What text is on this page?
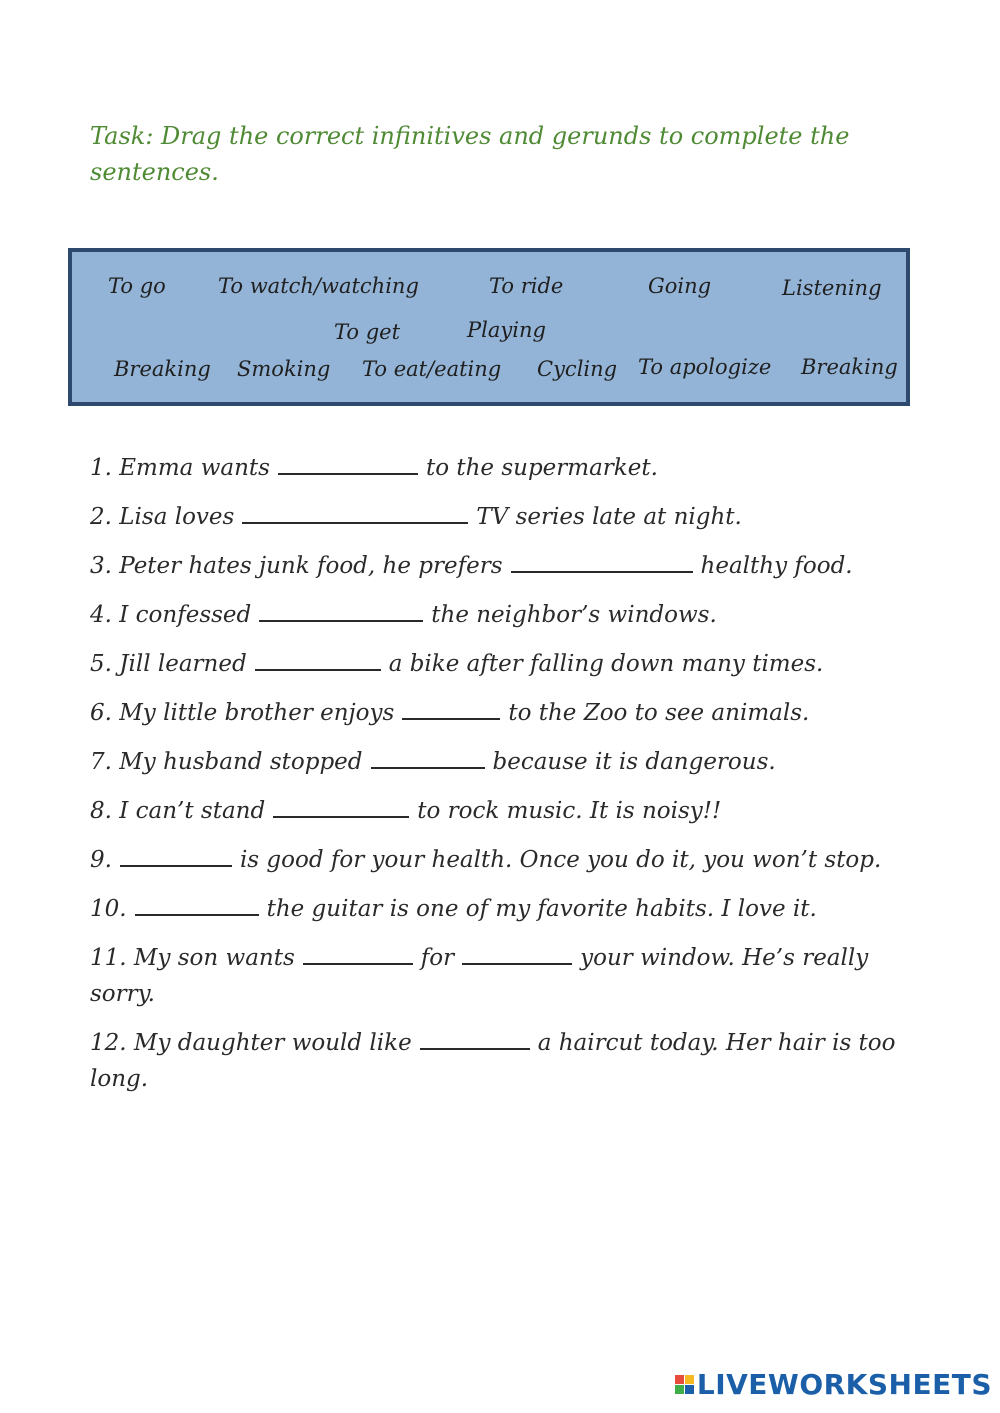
Task: Drag the correct infinitives and gerunds to complete the sentences.

To go To watch/watching	To ride	Going	Listening
To get	Playing
Breaking Smoking To eat/eating Cycling To apologize Breaking

1. Emma wants	to the supermarket.

2. Lisa loves	TV series late at night.

3. Peter hates junk food, he prefers	healthy food.

4. I confessed	the neighbor’s windows.

5. Jill learned	a bike after falling down many times.

6. My little brother enjoys	to the Zoo to see animals.

7. My husband stopped	because it is dangerous.

8. I can’t stand	to rock music. It is noisy!!

9.	is good for your health. Once you do it, you won’t stop.

10.	the guitar is one of my favorite habits. I love it.

11. My son wants	for	your window. He’s really sorry.

12. My daughter would like	a haircut today. Her hair is too long.

LIVEWORKSHEETS
